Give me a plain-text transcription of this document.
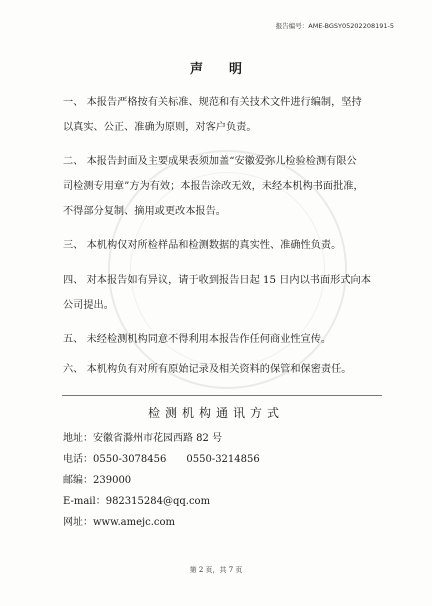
报告编号：AME-BGSY05202208191-5
声明
一、 本报告严格按有关标准、规范和有关技术文件进行编制，坚持
以真实、公正、准确为原则，对客户负责。
二、 本报告封面及主要成果表须加盖“安徽爱弥儿检验检测有限公
司检测专用章”方为有效；本报告涂改无效，未经本机构书面批准，
不得部分复制、摘用或更改本报告。
三、 本机构仅对所检样品和检测数据的真实性、准确性负责。
四、 对本报告如有异议，请于收到报告日起 15 日内以书面形式向本
公司提出。
五、 未经检测机构同意不得利用本报告作任何商业性宣传。
六、 本机构负有对所有原始记录及相关资料的保管和保密责任。
检测机构通讯方式
地址：安徽省滁州市花园西路 82 号
电话：0550-3078456　　0550-3214856
邮编：239000
E-mail：982315284@qq.com
网址：www.amejc.com
第 2 页，共 7 页
